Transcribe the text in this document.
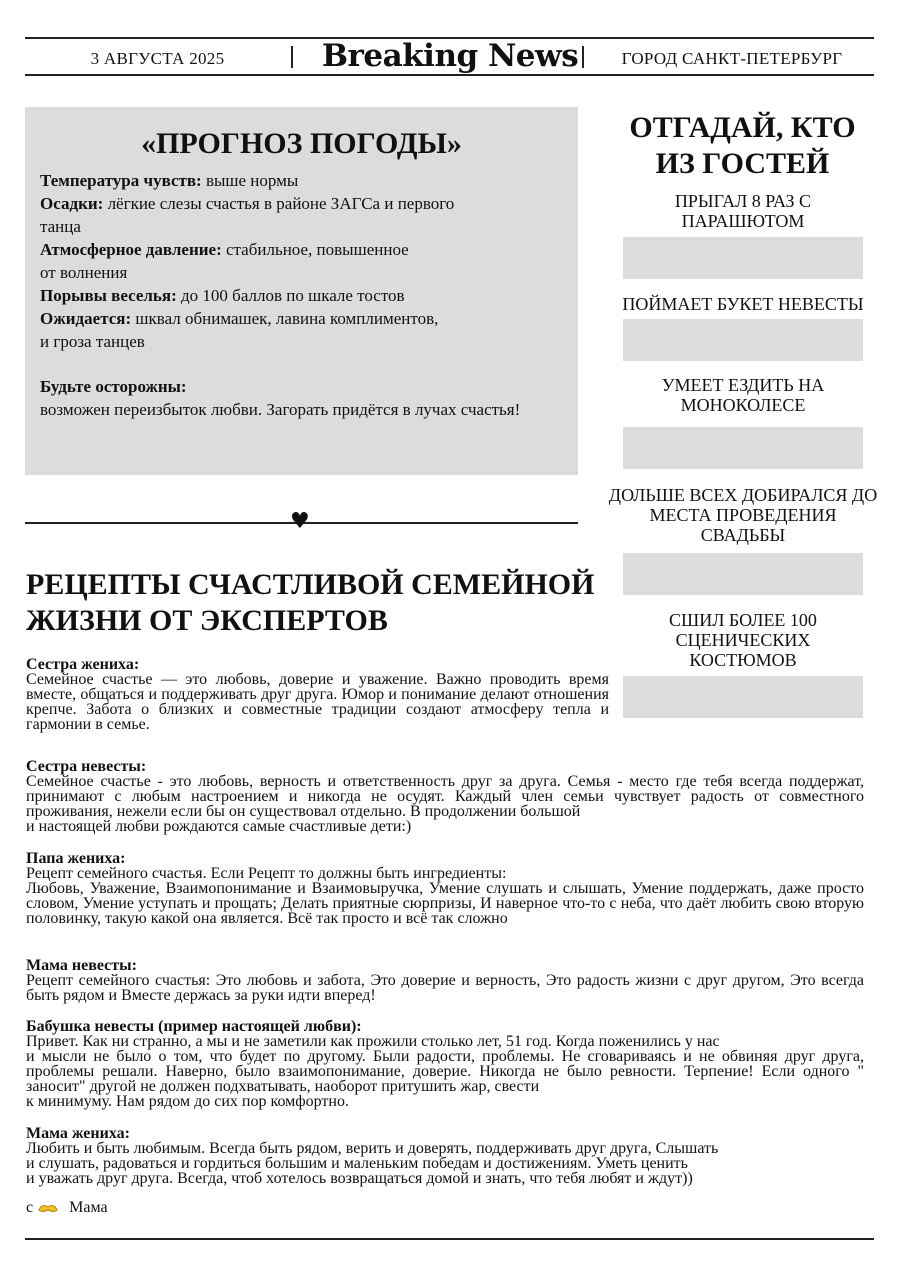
3 АВГУСТА 2025	Breaking News	ГОРОД САНКТ-ПЕТЕРБУРГ
«ПРОГНОЗ ПОГОДЫ»

Температура чувств: выше нормы

Осадки: лёгкие слезы счастья в районе ЗАГСа и первого
танца

Атмосферное давление: стабильное, повышенное
от волнения

Порывы веселья: до 100 баллов по шкале тостов

Ожидается: шквал обнимашек, лавина комплиментов,
и гроза танцев

Будьте осторожны:

возможен переизбыток любви. Загорать придётся в лучах счастья!

♥
РЕЦЕПТЫ СЧАСТЛИВОЙ СЕМЕЙНОЙ ЖИЗНИ ОТ ЭКСПЕРТОВ
Сестра жениха:
Семейное счастье — это любовь, доверие и уважение. Важно проводить время вместе, общаться и поддерживать друг друга. Юмор и понимание делают отношения крепче. Забота о близких и совместные традиции создают атмосферу тепла и гармонии в семье.
Сестра невесты:
Семейное счастье - это любовь, верность и ответственность друг за друга. Семья - место где тебя всегда поддержат, принимают с любым настроением и никогда не осудят. Каждый член семьи чувствует радость от совместного проживания, нежели если бы он существовал отдельно. В продолжении большой
и настоящей любви рождаются самые счастливые дети:)
Папа жениха:
Рецепт семейного счастья. Если Рецепт то должны быть ингредиенты:
Любовь, Уважение, Взаимопонимание и Взаимовыручка, Умение слушать и слышать, Умение поддержать, даже просто словом, Умение уступать и прощать; Делать приятные сюрпризы, И наверное что-то с неба, что даёт любить свою вторую половинку, такую какой она является. Всё так просто и всё так сложно
Мама невесты:
Рецепт семейного счастья: Это любовь и забота, Это доверие и верность, Это радость жизни с друг другом, Это всегда быть рядом и Вместе держась за руки идти вперед!
Бабушка невесты (пример настоящей любви):
Привет. Как ни странно, а мы и не заметили как прожили столько лет, 51 год. Когда поженились у нас
и мысли не было о том, что будет по другому. Были радости, проблемы. Не сговариваясь и не обвиняя друг друга, проблемы решали. Наверно, было взаимопонимание, доверие. Никогда не было ревности. Терпение! Если одного " заносит" другой не должен подхватывать, наоборот притушить жар, свести
к минимуму. Нам рядом до сих пор комфортно.
Мама жениха:
Любить и быть любимым. Всегда быть рядом, верить и доверять, поддерживать друг друга, Слышать
и слушать, радоваться и гордиться большим и маленьким победам и достижениям. Уметь ценить
и уважать друг друга. Всегда, чтоб хотелось возвращаться домой и знать, что тебя любят и ждут))
с Мама
ОТГАДАЙ, КТО ИЗ ГОСТЕЙ
ПРЫГАЛ 8 РАЗ С ПАРАШЮТОМ
ПОЙМАЕТ БУКЕТ НЕВЕСТЫ
УМЕЕТ ЕЗДИТЬ НА МОНОКОЛЕСЕ
ДОЛЬШЕ ВСЕХ ДОБИРАЛСЯ ДО МЕСТА ПРОВЕДЕНИЯ СВАДЬБЫ
СШИЛ БОЛЕЕ 100 СЦЕНИЧЕСКИХ КОСТЮМОВ
